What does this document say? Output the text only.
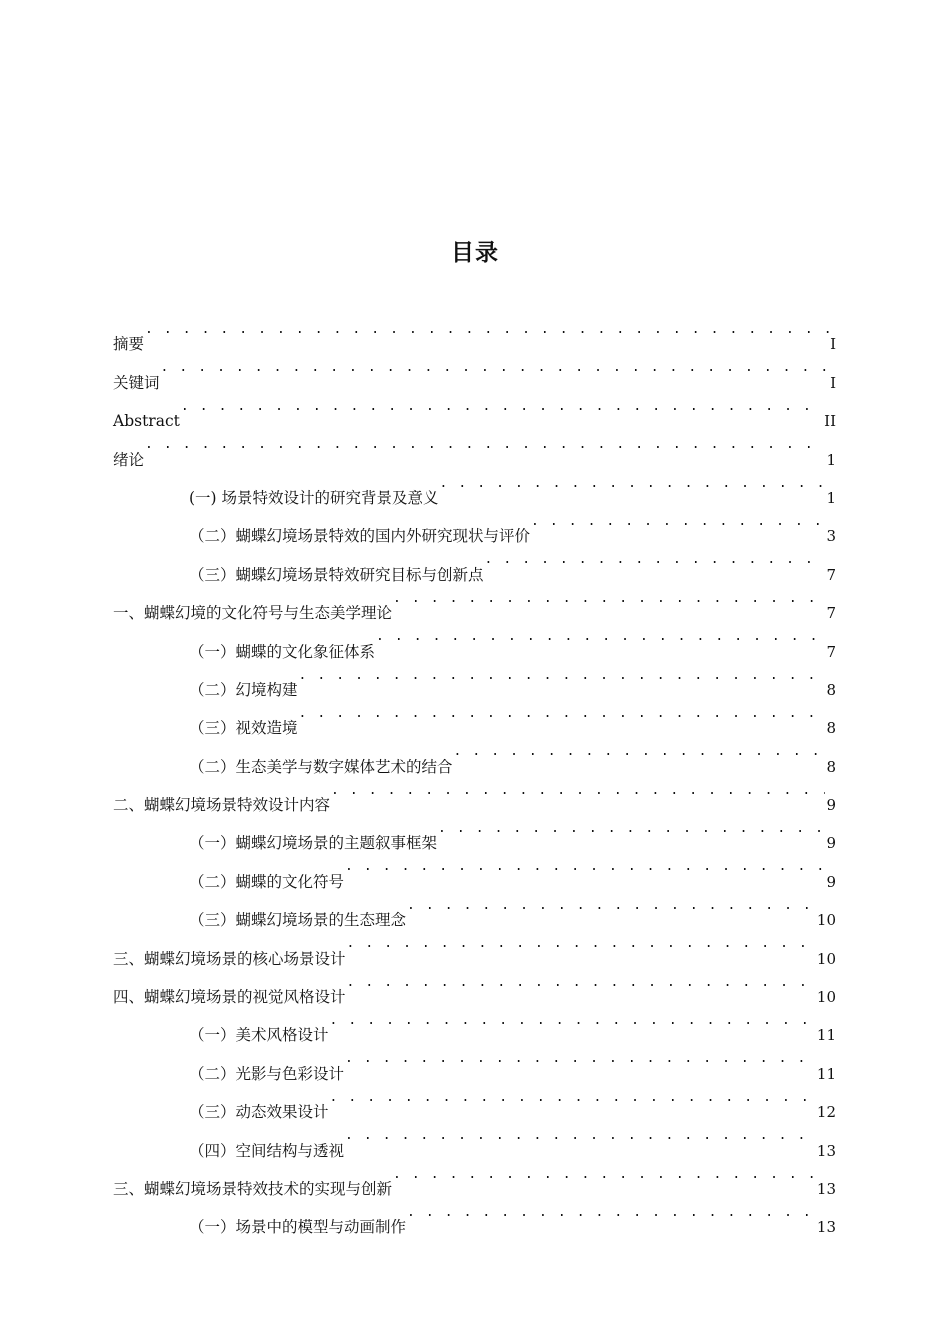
目录
摘要 . . .	I
关键词 . . .	I
Abstract . . .	II
绪论 . . .	1
(一) 场景特效设计的研究背景及意义 . . .	1
（二）蝴蝶幻境场景特效的国内外研究现状与评价 . . .	3
（三）蝴蝶幻境场景特效研究目标与创新点 . . .	7
一、蝴蝶幻境的文化符号与生态美学理论 . . .	7
（一）蝴蝶的文化象征体系 . . .	7
（二）幻境构建 . . .	8
（三）视效造境 . . .	8
（二）生态美学与数字媒体艺术的结合 . . .	8
二、蝴蝶幻境场景特效设计内容 . . .	9
（一）蝴蝶幻境场景的主题叙事框架 . . .	9
（二）蝴蝶的文化符号 . . .	9
（三）蝴蝶幻境场景的生态理念 . . .	10
三、蝴蝶幻境场景的核心场景设计 . . .	10
四、蝴蝶幻境场景的视觉风格设计 . . .	10
（一）美术风格设计 . . .	11
（二）光影与色彩设计 . . .	11
（三）动态效果设计 . . .	12
（四）空间结构与透视 . . .	13
三、蝴蝶幻境场景特效技术的实现与创新 . . .	13
（一）场景中的模型与动画制作 . . .	13
